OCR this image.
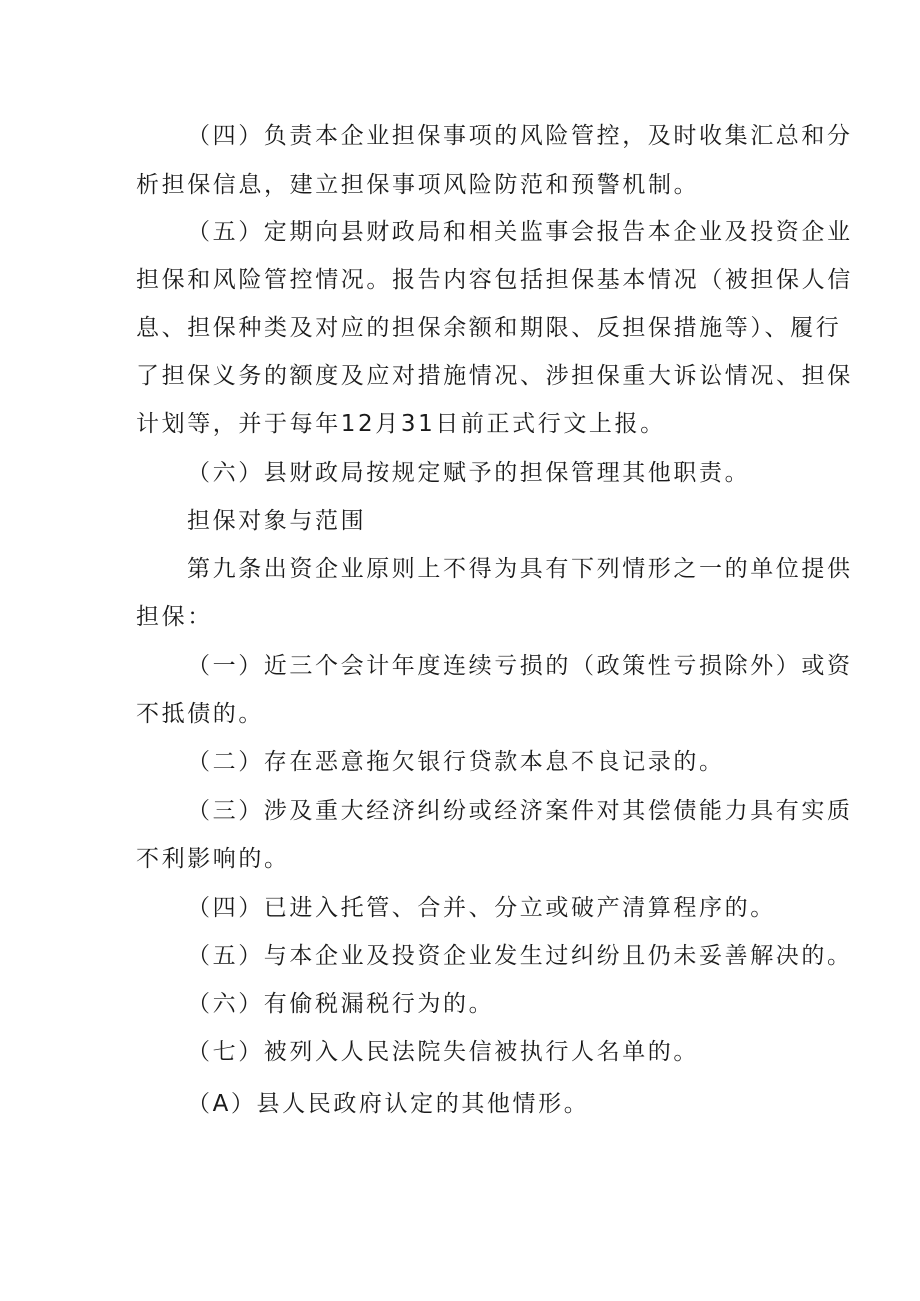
（四）负责本企业担保事项的风险管控，及时收集汇总和分
析担保信息，建立担保事项风险防范和预警机制。
（五）定期向县财政局和相关监事会报告本企业及投资企业
担保和风险管控情况。报告内容包括担保基本情况（被担保人信
息、担保种类及对应的担保余额和期限、反担保措施等）、履行
了担保义务的额度及应对措施情况、涉担保重大诉讼情况、担保
计划等，并于每年12月31日前正式行文上报。
（六）县财政局按规定赋予的担保管理其他职责。
担保对象与范围
第九条出资企业原则上不得为具有下列情形之一的单位提供
担保：
（一）近三个会计年度连续亏损的（政策性亏损除外）或资
不抵债的。
（二）存在恶意拖欠银行贷款本息不良记录的。
（三）涉及重大经济纠纷或经济案件对其偿债能力具有实质
不利影响的。
（四）已进入托管、合并、分立或破产清算程序的。
（五）与本企业及投资企业发生过纠纷且仍未妥善解决的。
（六）有偷税漏税行为的。
（七）被列入人民法院失信被执行人名单的。
（A）县人民政府认定的其他情形。
